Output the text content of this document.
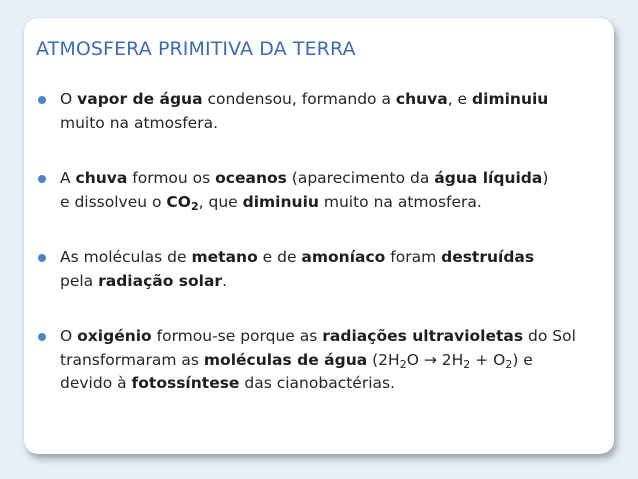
ATMOSFERA PRIMITIVA DA TERRA
O vapor de água condensou, formando a chuva, e diminuiu
muito na atmosfera.
A chuva formou os oceanos (aparecimento da água líquida)
e dissolveu o $CO_2$, que diminuiu muito na atmosfera.
As moléculas de metano e de amoníaco foram destruídas
pela radiação solar.
O oxigénio formou-se porque as radiações ultravioletas do Sol
transformaram as moléculas de água $(2H_2O \to 2H_2 + O_2)$ e
devido à fotossíntese das cianobactérias.
